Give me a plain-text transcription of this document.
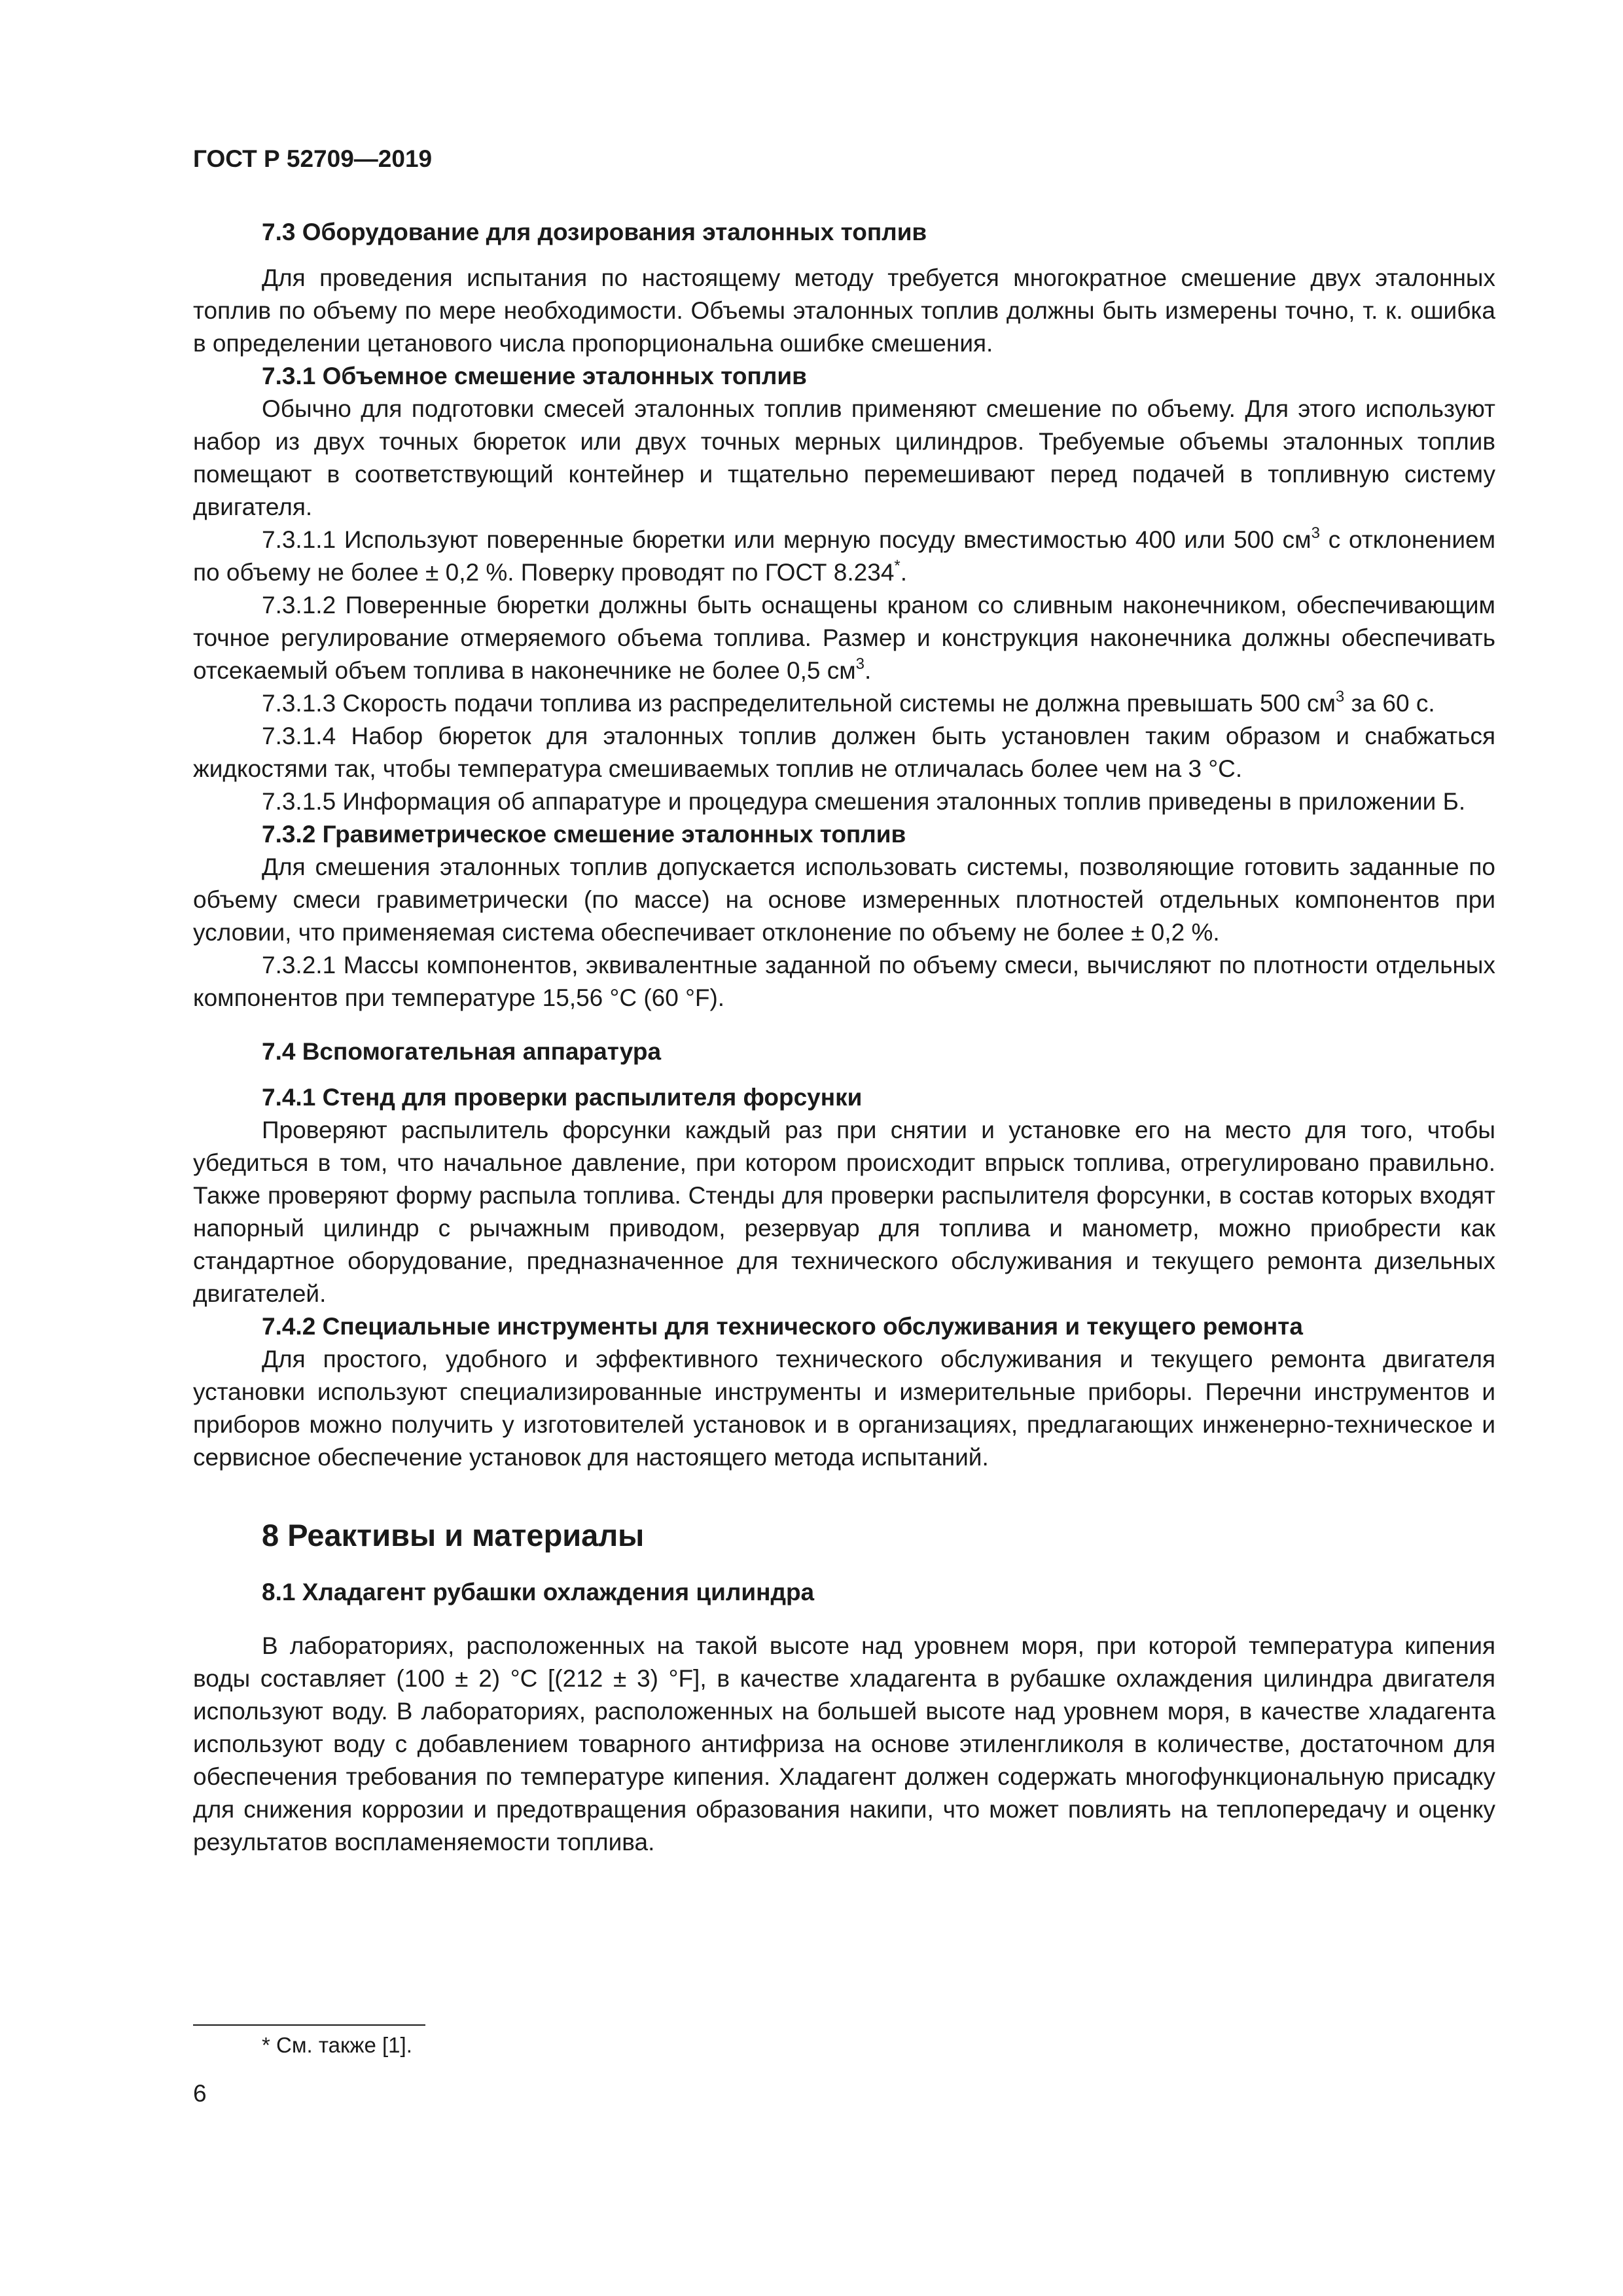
ГОСТ Р 52709—2019

7.3 Оборудование для дозирования эталонных топлив

Для проведения испытания по настоящему методу требуется многократное смешение двух эталонных топлив по объему по мере необходимости. Объемы эталонных топлив должны быть измерены точно, т. к. ошибка в определении цетанового числа пропорциональна ошибке смешения.

7.3.1 Объемное смешение эталонных топлив

Обычно для подготовки смесей эталонных топлив применяют смешение по объему. Для этого используют набор из двух точных бюреток или двух точных мерных цилиндров. Требуемые объемы эталонных топлив помещают в соответствующий контейнер и тщательно перемешивают перед подачей в топливную систему двигателя.

7.3.1.1 Используют поверенные бюретки или мерную посуду вместимостью 400 или 500 $см^3$ с отклонением по объему не более ± 0,2 %. Поверку проводят по ГОСТ 8.234*.

7.3.1.2 Поверенные бюретки должны быть оснащены краном со сливным наконечником, обеспечивающим точное регулирование отмеряемого объема топлива. Размер и конструкция наконечника должны обеспечивать отсекаемый объем топлива в наконечнике не более 0,5 $см^3$.

7.3.1.3 Скорость подачи топлива из распределительной системы не должна превышать 500 $см^3$ за 60 с.

7.3.1.4 Набор бюреток для эталонных топлив должен быть установлен таким образом и снабжаться жидкостями так, чтобы температура смешиваемых топлив не отличалась более чем на 3 °C.

7.3.1.5 Информация об аппаратуре и процедура смешения эталонных топлив приведены в приложении Б.

7.3.2 Гравиметрическое смешение эталонных топлив

Для смешения эталонных топлив допускается использовать системы, позволяющие готовить заданные по объему смеси гравиметрически (по массе) на основе измеренных плотностей отдельных компонентов при условии, что применяемая система обеспечивает отклонение по объему не более ± 0,2 %.

7.3.2.1 Массы компонентов, эквивалентные заданной по объему смеси, вычисляют по плотности отдельных компонентов при температуре 15,56 °C (60 °F).

7.4 Вспомогательная аппаратура

7.4.1 Стенд для проверки распылителя форсунки

Проверяют распылитель форсунки каждый раз при снятии и установке его на место для того, чтобы убедиться в том, что начальное давление, при котором происходит впрыск топлива, отрегулировано правильно. Также проверяют форму распыла топлива. Стенды для проверки распылителя форсунки, в состав которых входят напорный цилиндр с рычажным приводом, резервуар для топлива и манометр, можно приобрести как стандартное оборудование, предназначенное для технического обслуживания и текущего ремонта дизельных двигателей.

7.4.2 Специальные инструменты для технического обслуживания и текущего ремонта

Для простого, удобного и эффективного технического обслуживания и текущего ремонта двигателя установки используют специализированные инструменты и измерительные приборы. Перечни инструментов и приборов можно получить у изготовителей установок и в организациях, предлагающих инженерно-техническое и сервисное обеспечение установок для настоящего метода испытаний.

8 Реактивы и материалы

8.1 Хладагент рубашки охлаждения цилиндра

В лабораториях, расположенных на такой высоте над уровнем моря, при которой температура кипения воды составляет (100 ± 2) °C [(212 ± 3) °F], в качестве хладагента в рубашке охлаждения цилиндра двигателя используют воду. В лабораториях, расположенных на большей высоте над уровнем моря, в качестве хладагента используют воду с добавлением товарного антифриза на основе этиленгликоля в количестве, достаточном для обеспечения требования по температуре кипения. Хладагент должен содержать многофункциональную присадку для снижения коррозии и предотвращения образования накипи, что может повлиять на теплопередачу и оценку результатов воспламеняемости топлива.

* См. также [1].

6
